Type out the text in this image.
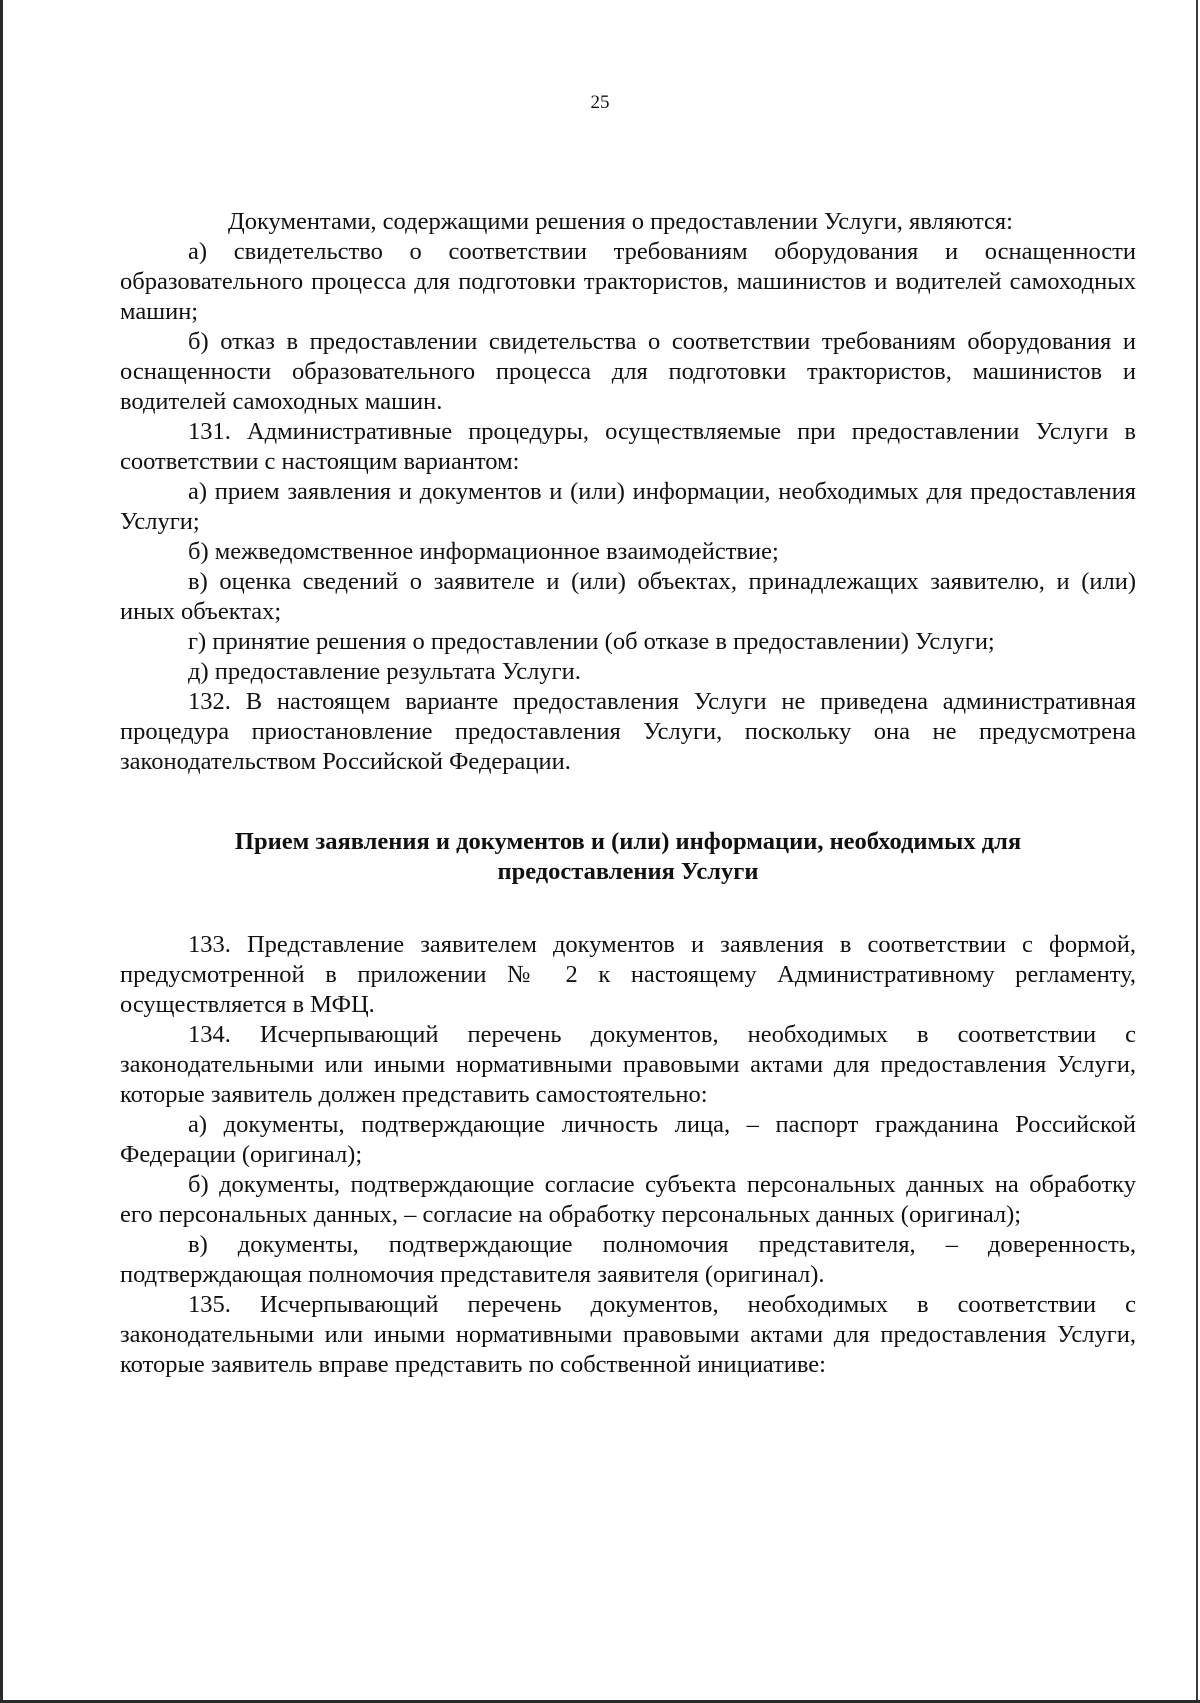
25

Документами, содержащими решения о предоставлении Услуги, являются:

а) свидетельство о соответствии требованиям оборудования и оснащенности образовательного процесса для подготовки трактористов, машинистов и водителей самоходных машин;

б) отказ в предоставлении свидетельства о соответствии требованиям оборудования и оснащенности образовательного процесса для подготовки трактористов, машинистов и водителей самоходных машин.

131. Административные процедуры, осуществляемые при предоставлении Услуги в соответствии с настоящим вариантом:

а) прием заявления и документов и (или) информации, необходимых для предоставления Услуги;

б) межведомственное информационное взаимодействие;

в) оценка сведений о заявителе и (или) объектах, принадлежащих заявителю, и (или) иных объектах;

г) принятие решения о предоставлении (об отказе в предоставлении) Услуги;

д) предоставление результата Услуги.

132. В настоящем варианте предоставления Услуги не приведена административная процедура приостановление предоставления Услуги, поскольку она не предусмотрена законодательством Российской Федерации.

Прием заявления и документов и (или) информации, необходимых для предоставления Услуги

133. Представление заявителем документов и заявления в соответствии с формой, предусмотренной в приложении № 2 к настоящему Административному регламенту, осуществляется в МФЦ.

134. Исчерпывающий перечень документов, необходимых в соответствии с законодательными или иными нормативными правовыми актами для предоставления Услуги, которые заявитель должен представить самостоятельно:

а) документы, подтверждающие личность лица, – паспорт гражданина Российской Федерации (оригинал);

б) документы, подтверждающие согласие субъекта персональных данных на обработку его персональных данных, – согласие на обработку персональных данных (оригинал);

в) документы, подтверждающие полномочия представителя, – доверенность, подтверждающая полномочия представителя заявителя (оригинал).

135. Исчерпывающий перечень документов, необходимых в соответствии с законодательными или иными нормативными правовыми актами для предоставления Услуги, которые заявитель вправе представить по собственной инициативе:
